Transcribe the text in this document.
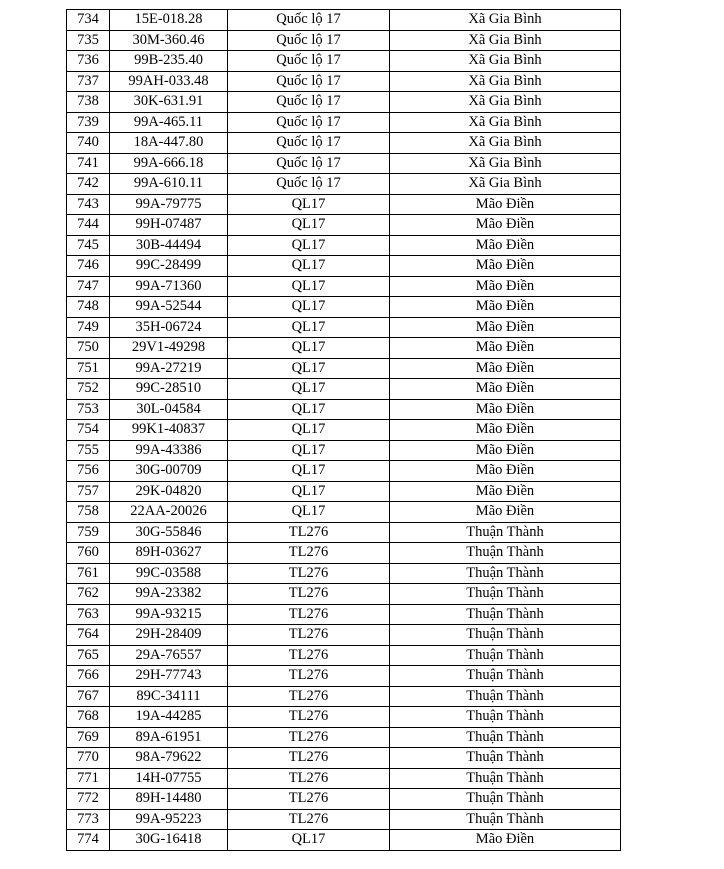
734	15E-018.28	Quốc lộ 17	Xã Gia Bình
735	30M-360.46	Quốc lộ 17	Xã Gia Bình
736	99B-235.40	Quốc lộ 17	Xã Gia Bình
737	99AH-033.48	Quốc lộ 17	Xã Gia Bình
738	30K-631.91	Quốc lộ 17	Xã Gia Bình
739	99A-465.11	Quốc lộ 17	Xã Gia Bình
740	18A-447.80	Quốc lộ 17	Xã Gia Bình
741	99A-666.18	Quốc lộ 17	Xã Gia Bình
742	99A-610.11	Quốc lộ 17	Xã Gia Bình
743	99A-79775	QL17	Mão Điền
744	99H-07487	QL17	Mão Điền
745	30B-44494	QL17	Mão Điền
746	99C-28499	QL17	Mão Điền
747	99A-71360	QL17	Mão Điền
748	99A-52544	QL17	Mão Điền
749	35H-06724	QL17	Mão Điền
750	29V1-49298	QL17	Mão Điền
751	99A-27219	QL17	Mão Điền
752	99C-28510	QL17	Mão Điền
753	30L-04584	QL17	Mão Điền
754	99K1-40837	QL17	Mão Điền
755	99A-43386	QL17	Mão Điền
756	30G-00709	QL17	Mão Điền
757	29K-04820	QL17	Mão Điền
758	22AA-20026	QL17	Mão Điền
759	30G-55846	TL276	Thuận Thành
760	89H-03627	TL276	Thuận Thành
761	99C-03588	TL276	Thuận Thành
762	99A-23382	TL276	Thuận Thành
763	99A-93215	TL276	Thuận Thành
764	29H-28409	TL276	Thuận Thành
765	29A-76557	TL276	Thuận Thành
766	29H-77743	TL276	Thuận Thành
767	89C-34111	TL276	Thuận Thành
768	19A-44285	TL276	Thuận Thành
769	89A-61951	TL276	Thuận Thành
770	98A-79622	TL276	Thuận Thành
771	14H-07755	TL276	Thuận Thành
772	89H-14480	TL276	Thuận Thành
773	99A-95223	TL276	Thuận Thành
774	30G-16418	QL17	Mão Điền
